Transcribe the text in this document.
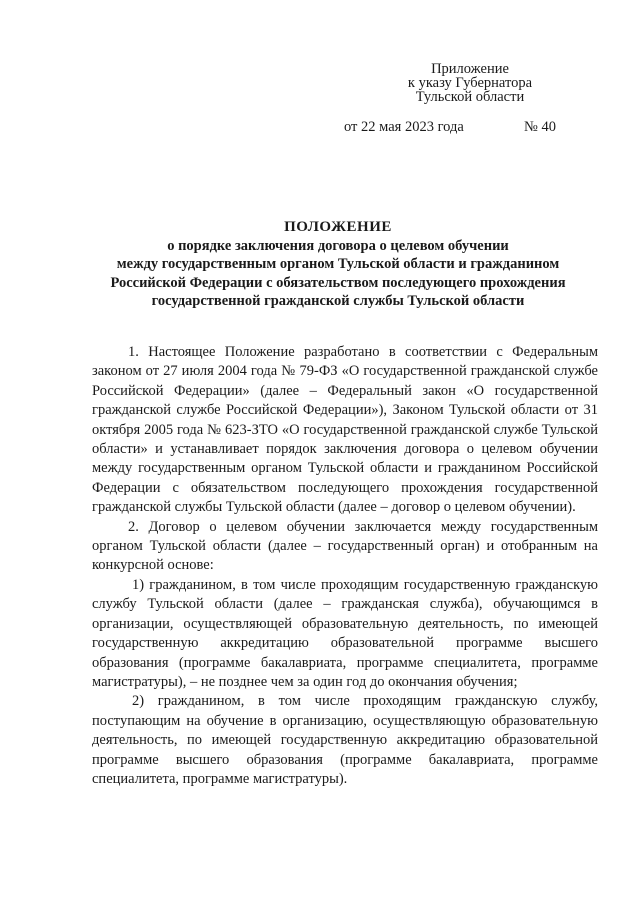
Приложение
к указу Губернатора
Тульской области
от 22 мая 2023 года	№ 40
ПОЛОЖЕНИЕ
о порядке заключения договора о целевом обучении
между государственным органом Тульской области и гражданином
Российской Федерации с обязательством последующего прохождения
государственной гражданской службы Тульской области

1. Настоящее Положение разработано в соответствии с Федеральным законом от 27 июля 2004 года № 79-ФЗ «О государственной гражданской службе Российской Федерации» (далее – Федеральный закон «О государственной гражданской службе Российской Федерации»), Законом Тульской области от 31 октября 2005 года № 623-ЗТО «О государственной гражданской службе Тульской области» и устанавливает порядок заключения договора о целевом обучении между государственным органом Тульской области и гражданином Российской Федерации с обязательством последующего прохождения государственной гражданской службы Тульской области (далее – договор о целевом обучении).

2. Договор о целевом обучении заключается между государственным органом Тульской области (далее – государственный орган) и отобранным на конкурсной основе:

1) гражданином, в том числе проходящим государственную гражданскую службу Тульской области (далее – гражданская служба), обучающимся в организации, осуществляющей образовательную деятельность, по имеющей государственную аккредитацию образовательной программе высшего образования (программе бакалавриата, программе специалитета, программе магистратуры), – не позднее чем за один год до окончания обучения;

2) гражданином, в том числе проходящим гражданскую службу, поступающим на обучение в организацию, осуществляющую образовательную деятельность, по имеющей государственную аккредитацию образовательной программе высшего образования (программе бакалавриата, программе специалитета, программе магистратуры).
